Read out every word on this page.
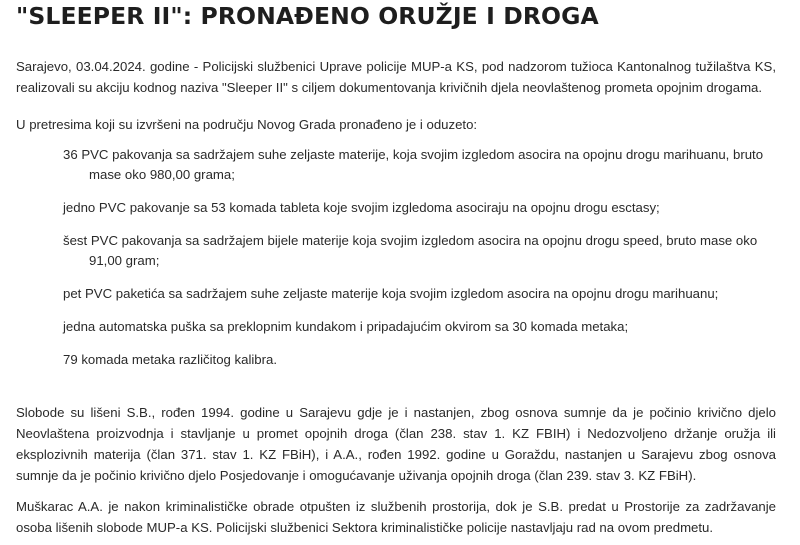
"SLEEPER II": PRONAĐENO ORUŽJE I DROGA

Sarajevo, 03.04.2024. godine - Policijski službenici Uprave policije MUP-a KS, pod nadzorom tužioca Kantonalnog tužilaštva KS, realizovali su akciju kodnog naziva "Sleeper II" s ciljem dokumentovanja krivičnih djela neovlaštenog prometa opojnim drogama.

U pretresima koji su izvršeni na području Novog Grada pronađeno je i oduzeto:

36 PVC pakovanja sa sadržajem suhe zeljaste materije, koja svojim izgledom asocira na opojnu drogu marihuanu, bruto mase oko 980,00 grama;
jedno PVC pakovanje sa 53 komada tableta koje svojim izgledoma asociraju na opojnu drogu esctasy;
šest PVC pakovanja sa sadržajem bijele materije koja svojim izgledom asocira na opojnu drogu speed, bruto mase oko 91,00 gram;
pet PVC paketića sa sadržajem suhe zeljaste materije koja svojim izgledom asocira na opojnu drogu marihuanu;
jedna automatska puška sa preklopnim kundakom i pripadajućim okvirom sa 30 komada metaka;
79 komada metaka različitog kalibra.

Slobode su lišeni S.B., rođen 1994. godine u Sarajevu gdje je i nastanjen, zbog osnova sumnje da je počinio krivično djelo Neovlaštena proizvodnja i stavljanje u promet opojnih droga (član 238. stav 1. KZ FBIH) i Nedozvoljeno držanje oružja ili eksplozivnih materija (član 371. stav 1. KZ FBiH), i A.A., rođen 1992. godine u Goraždu, nastanjen u Sarajevu zbog osnova sumnje da je počinio krivično djelo Posjedovanje i omogućavanje uživanja opojnih droga (član 239. stav 3. KZ FBiH).

Muškarac A.A. je nakon kriminalističke obrade otpušten iz službenih prostorija, dok je S.B. predat u Prostorije za zadržavanje osoba lišenih slobode MUP-a KS. Policijski službenici Sektora kriminalističke policije nastavljaju rad na ovom predmetu.
